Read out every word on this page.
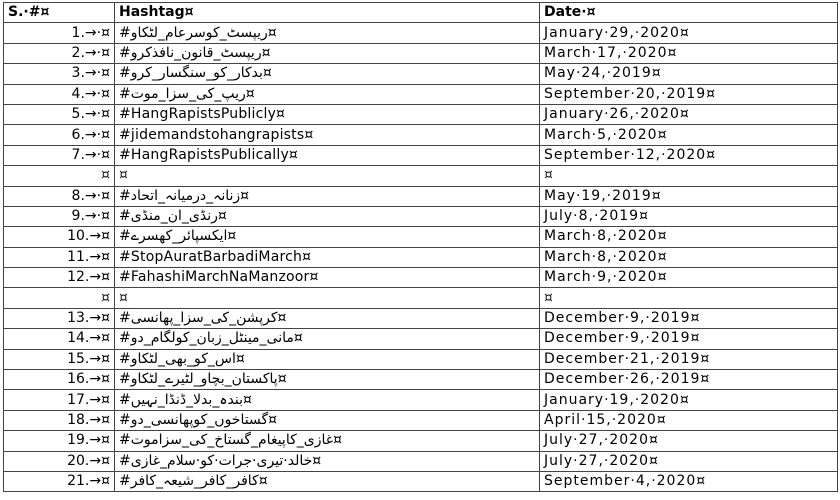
S.·#¤	Hashtag¤	Date·¤
1.→·¤	#ریپسٹ_کوسرعام_لٹکاو¤	January·29,·2020¤
2.→·¤	#ریپسٹ_قانون_نافذکرو¤	March·17,·2020¤
3.→·¤	#بدکار_کو_سنگسار_کرو¤	May·24,·2019¤
4.→·¤	#ریپ_کی_سزا_موت¤	September·20,·2019¤
5.→·¤	#HangRapistsPublicly¤	January·26,·2020¤
6.→·¤	#jidemandstohangrapists¤	March·5,·2020¤
7.→·¤	#HangRapistsPublically¤	September·12,·2020¤
¤	¤	¤
8.→·¤	#زنانہ_درمیانہ_اتحاد¤	May·19,·2019¤
9.→·¤	#رنڈی_ان_منڈی¤	July·8,·2019¤
10.→¤	#ایکسپائر_کھسرے¤	March·8,·2020¤
11.→¤	#StopAuratBarbadiMarch¤	March·8,·2020¤
12.→¤	#FahashiMarchNaManzoor¤	March·9,·2020¤
¤	¤	¤
13.→¤	#کرپشن_کی_سزا_پھانسی¤	December·9,·2019¤
14.→¤	#مانی_مینٹل_زبان_کولگام_دو¤	December·9,·2019¤
15.→¤	#اس_کو_بھی_لٹکاو¤	December·21,·2019¤
16.→¤	#پاکستان_بچاو_لٹیرے_لٹکاو¤	December·26,·2019¤
17.→¤	#بندہ_بدلا_ڈنڈا_نہیں¤	January·19,·2020¤
18.→¤	#گستاخوں_کوپھانسی_دو¤	April·15,·2020¤
19.→¤	#غازی_کاپیغام_گستاخ_کی_سزاموت¤	July·27,·2020¤
20.→¤	#خالد·تیری·جرات·کو·سلام_غازی¤	July·27,·2020¤
21.→¤	#کافر_کافر_شیعہ_کافر¤	September·4,·2020¤
